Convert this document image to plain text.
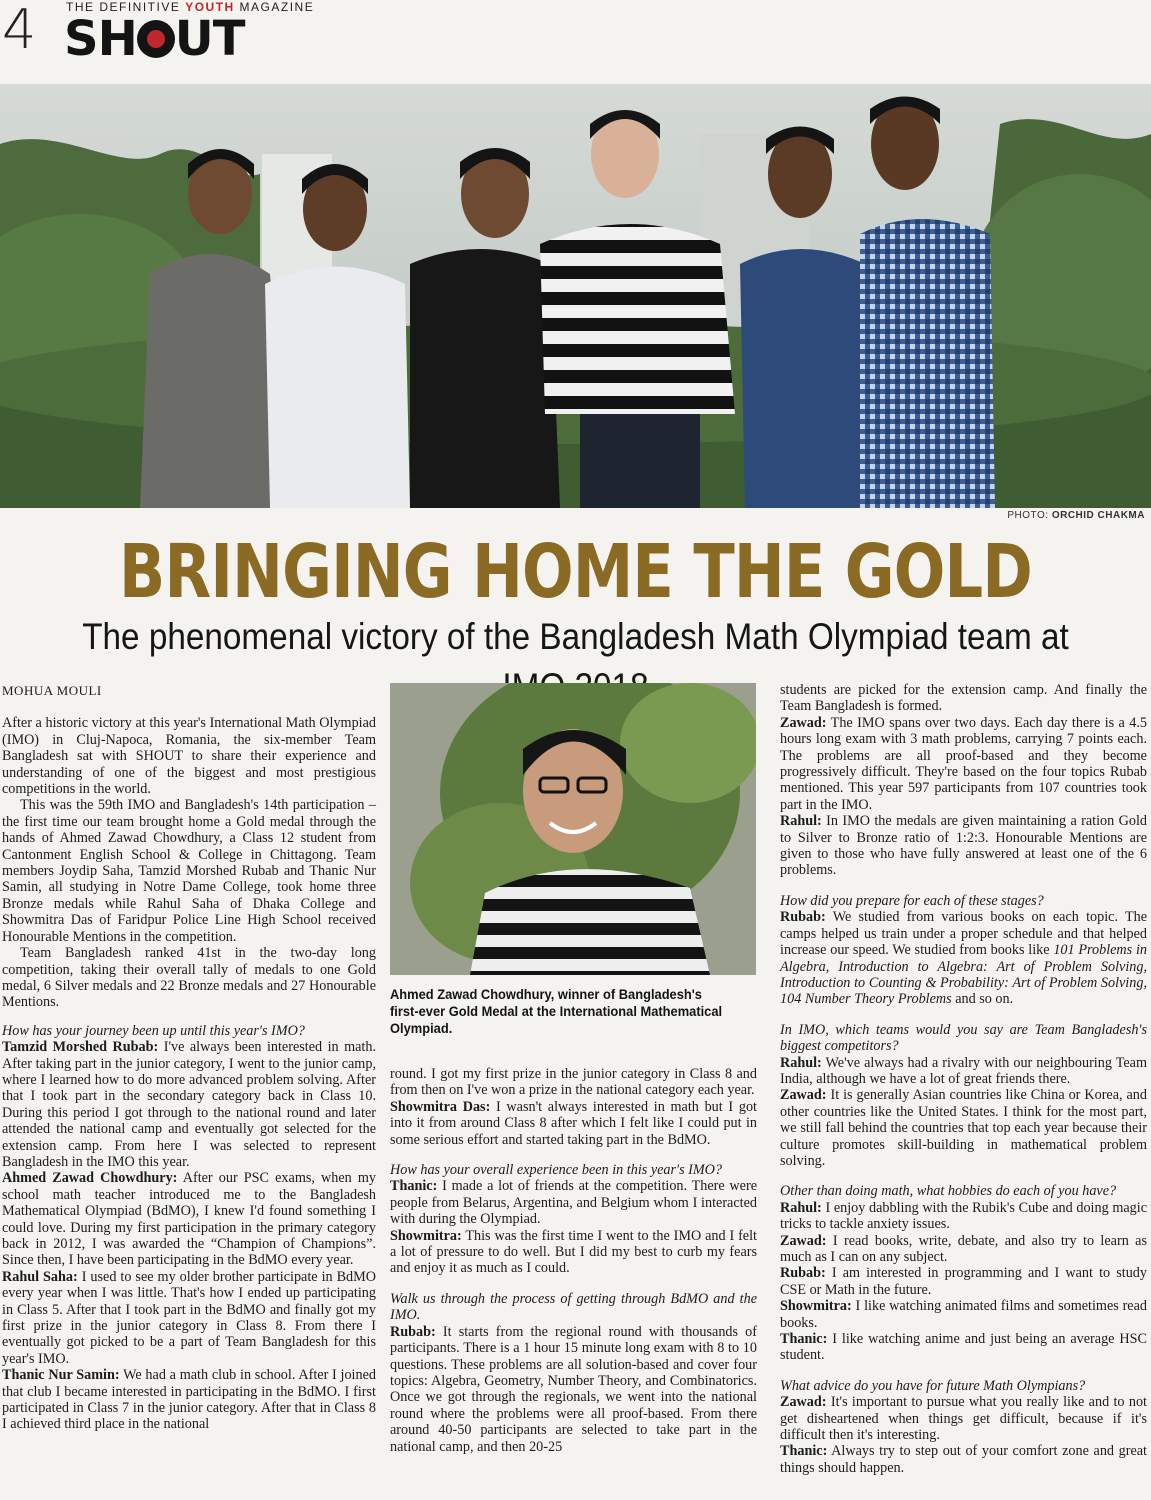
4 THE DEFINITIVE YOUTH MAGAZINE
SH UT
PHOTO: ORCHID CHAKMA
BRINGING HOME THE GOLD
The phenomenal victory of the Bangladesh Math Olympiad team at

MOHUA MOULI

After a historic victory at this year's International Math Olympiad (IMO) in Cluj-Napoca, Romania, the six-member Team Bangladesh sat with SHOUT to share their experience and understanding of one of the biggest and most prestigious competitions in the world.

This was the 59th IMO and Bangladesh's 14th participation – the first time our team brought home a Gold medal through the hands of Ahmed Zawad Chowdhury, a Class 12 student from Cantonment English School & College in Chittagong. Team members Joydip Saha, Tamzid Morshed Rubab and Thanic Nur Samin, all studying in Notre Dame College, took home three Bronze medals while Rahul Saha of Dhaka College and Showmitra Das of Faridpur Police Line High School received Honourable Mentions in the competition.

Team Bangladesh ranked 41st in the two-day long competition, taking their overall tally of medals to one Gold medal, 6 Silver medals and 22 Bronze medals and 27 Honourable Mentions.

How has your journey been up until this year's IMO?

Tamzid Morshed Rubab: I've always been interested in math. After taking part in the junior category, I went to the junior camp, where I learned how to do more advanced problem solving. After that I took part in the secondary category back in Class 10. During this period I got through to the national round and later attended the national camp and eventually got selected for the extension camp. From here I was selected to represent Bangladesh in the IMO this year.

Ahmed Zawad Chowdhury: After our PSC exams, when my school math teacher introduced me to the Bangladesh Mathematical Olympiad (BdMO), I knew I'd found something I could love. During my first participation in the primary category back in 2012, I was awarded the “Champion of Champions”. Since then, I have been participating in the BdMO every year.

Rahul Saha: I used to see my older brother participate in BdMO every year when I was little. That's how I ended up participating in Class 5. After that I took part in the BdMO and finally got my first prize in the junior category in Class 8. From there I eventually got picked to be a part of Team Bangladesh for this year's IMO.

Thanic Nur Samin: We had a math club in school. After I joined that club I became interested in participating in the BdMO. I first participated in Class 7 in the junior category. After that in Class 8 I achieved third place in the national

Ahmed Zawad Chowdhury, winner of Bangladesh's first-ever Gold Medal at the International Mathematical Olympiad.

round. I got my first prize in the junior category in Class 8 and from then on I've won a prize in the national category each year.

Showmitra Das: I wasn't always interested in math but I got into it from around Class 8 after which I felt like I could put in some serious effort and started taking part in the BdMO.

How has your overall experience been in this year's IMO?

Thanic: I made a lot of friends at the competition. There were people from Belarus, Argentina, and Belgium whom I interacted with during the Olympiad.

Showmitra: This was the first time I went to the IMO and I felt a lot of pressure to do well. But I did my best to curb my fears and enjoy it as much as I could.

Walk us through the process of getting through BdMO and the IMO.

Rubab: It starts from the regional round with thousands of participants. There is a 1 hour 15 minute long exam with 8 to 10 questions. These problems are all solution-based and cover four topics: Algebra, Geometry, Number Theory, and Combinatorics. Once we got through the regionals, we went into the national round where the problems were all proof-based. From there around 40-50 participants are selected to take part in the national camp, and then 20-25

students are picked for the extension camp. And finally the Team Bangladesh is formed.

Zawad: The IMO spans over two days. Each day there is a 4.5 hours long exam with 3 math problems, carrying 7 points each. The problems are all proof-based and they become progressively difficult. They're based on the four topics Rubab mentioned. This year 597 participants from 107 countries took part in the IMO.

Rahul: In IMO the medals are given maintaining a ration Gold to Silver to Bronze ratio of 1:2:3. Honourable Mentions are given to those who have fully answered at least one of the 6 problems.

How did you prepare for each of these stages?

Rubab: We studied from various books on each topic. The camps helped us train under a proper schedule and that helped increase our speed. We studied from books like 101 Problems in Algebra, Introduction to Algebra: Art of Problem Solving, Introduction to Counting & Probability: Art of Problem Solving, 104 Number Theory Problems and so on.

In IMO, which teams would you say are Team Bangladesh's biggest competitors?

Rahul: We've always had a rivalry with our neighbouring Team India, although we have a lot of great friends there.

Zawad: It is generally Asian countries like China or Korea, and other countries like the United States. I think for the most part, we still fall behind the countries that top each year because their culture promotes skill-building in mathematical problem solving.

Other than doing math, what hobbies do each of you have?

Rahul: I enjoy dabbling with the Rubik's Cube and doing magic tricks to tackle anxiety issues.

Zawad: I read books, write, debate, and also try to learn as much as I can on any subject.

Rubab: I am interested in programming and I want to study CSE or Math in the future.

Showmitra: I like watching animated films and sometimes read books.

Thanic: I like watching anime and just being an average HSC student.

What advice do you have for future Math Olympians?

Zawad: It's important to pursue what you really like and to not get disheartened when things get difficult, because if it's difficult then it's interesting.

Thanic: Always try to step out of your comfort zone and great things should happen.
